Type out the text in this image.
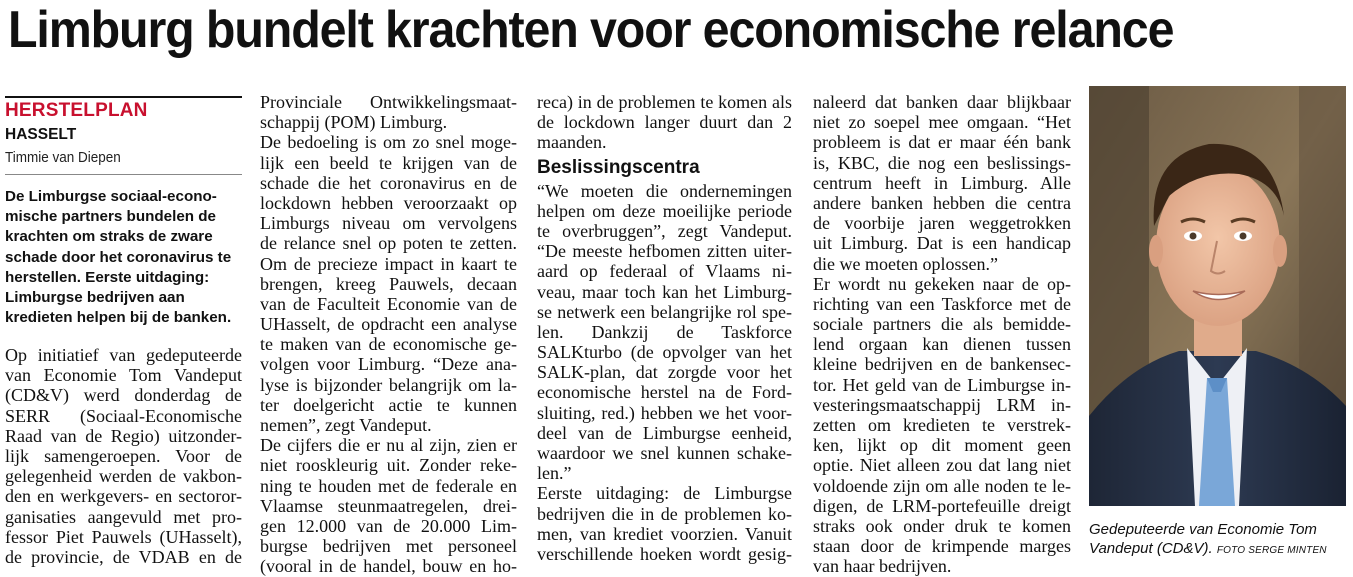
Limburg bundelt krachten voor economische relance
HERSTELPLAN
HASSELT
Timmie van Diepen
De Limburgse sociaal-econo-
mische partners bundelen de
krachten om straks de zware
schade door het coronavirus te
herstellen. Eerste uitdaging:
Limburgse bedrijven aan
kredieten helpen bij de banken.
Op initiatief van gedeputeerde
van Economie Tom Vandeput
(CD&V) werd donderdag de
SERR (Sociaal-Economische
Raad van de Regio) uitzonder-
lijk samengeroepen. Voor de
gelegenheid werden de vakbon-
den en werkgevers- en sectoror-
ganisaties aangevuld met pro-
fessor Piet Pauwels (UHasselt),
de provincie, de VDAB en de
Provinciale Ontwikkelingsmaat-
schappij (POM) Limburg.
De bedoeling is om zo snel moge-
lijk een beeld te krijgen van de
schade die het coronavirus en de
lockdown hebben veroorzaakt op
Limburgs niveau om vervolgens
de relance snel op poten te zetten.
Om de precieze impact in kaart te
brengen, kreeg Pauwels, decaan
van de Faculteit Economie van de
UHasselt, de opdracht een analyse
te maken van de economische ge-
volgen voor Limburg. “Deze ana-
lyse is bijzonder belangrijk om la-
ter doelgericht actie te kunnen
nemen”, zegt Vandeput.
De cijfers die er nu al zijn, zien er
niet rooskleurig uit. Zonder reke-
ning te houden met de federale en
Vlaamse steunmaatregelen, drei-
gen 12.000 van de 20.000 Lim-
burgse bedrijven met personeel
(vooral in de handel, bouw en ho-
reca) in de problemen te komen als
de lockdown langer duurt dan 2
maanden.
Beslissingscentra
“We moeten die ondernemingen
helpen om deze moeilijke periode
te overbruggen”, zegt Vandeput.
“De meeste hefbomen zitten uiter-
aard op federaal of Vlaams ni-
veau, maar toch kan het Limburg-
se netwerk een belangrijke rol spe-
len. Dankzij de Taskforce
SALKturbo (de opvolger van het
SALK-plan, dat zorgde voor het
economische herstel na de Ford-
sluiting, red.) hebben we het voor-
deel van de Limburgse eenheid,
waardoor we snel kunnen schake-
len.”
Eerste uitdaging: de Limburgse
bedrijven die in de problemen ko-
men, van krediet voorzien. Vanuit
verschillende hoeken wordt gesig-
naleerd dat banken daar blijkbaar
niet zo soepel mee omgaan. “Het
probleem is dat er maar één bank
is, KBC, die nog een beslissings-
centrum heeft in Limburg. Alle
andere banken hebben die centra
de voorbije jaren weggetrokken
uit Limburg. Dat is een handicap
die we moeten oplossen.”
Er wordt nu gekeken naar de op-
richting van een Taskforce met de
sociale partners die als bemidde-
lend orgaan kan dienen tussen
kleine bedrijven en de bankensec-
tor. Het geld van de Limburgse in-
vesteringsmaatschappij LRM in-
zetten om kredieten te verstrek-
ken, lijkt op dit moment geen
optie. Niet alleen zou dat lang niet
voldoende zijn om alle noden te le-
digen, de LRM-portefeuille dreigt
straks ook onder druk te komen
staan door de krimpende marges
van haar bedrijven.
Gedeputeerde van Economie Tom
Vandeput (CD&V). FOTO SERGE MINTEN
